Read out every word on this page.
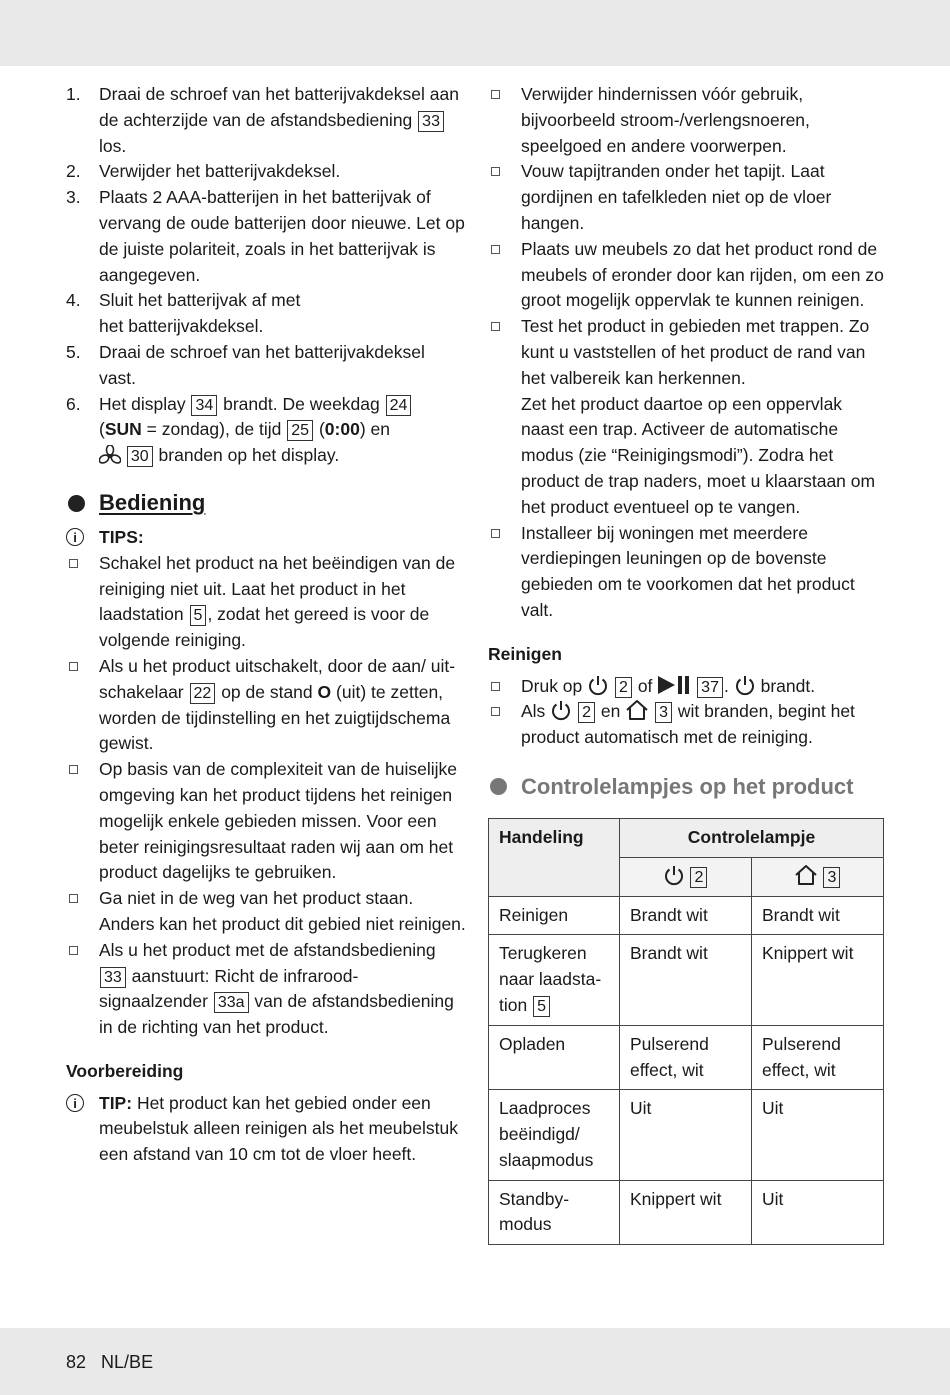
1. Draai de schroef van het batterijvakdeksel aan de achterzijde van de afstandsbediening 33 los.

2. Verwijder het batterijvakdeksel.

3. Plaats 2 AAA-batterijen in het batterijvak of vervang de oude batterijen door nieuwe. Let op de juiste polariteit, zoals in het batterijvak is aangegeven.

4. Sluit het batterijvak af met
het batterijvakdeksel.

5. Draai de schroef van het batterijvakdeksel vast.

6. Het display 34 brandt. De weekdag 24
(SUN = zondag), de tijd 25 (0:00) en
30 branden op het display.

Bediening
i	TIPS:

Schakel het product na het beëindigen van de reiniging niet uit. Laat het product in het laadstation 5 , zodat het gereed is voor de volgende reiniging.

Als u het product uitschakelt, door de aan/ uit-schakelaar 22 op de stand O (uit) te zetten, worden de tijdinstelling en het zuigtijdschema gewist.

Op basis van de complexiteit van de huiselijke omgeving kan het product tijdens het reinigen mogelijk enkele gebieden missen. Voor een beter reinigingsresultaat raden wij aan om het product dagelijks te gebruiken.

Ga niet in de weg van het product staan. Anders kan het product dit gebied niet reinigen.

Als u het product met de afstandsbediening 33 aanstuurt: Richt de infrarood-signaalzender 33a van de afstandsbediening in de richting van het product.

Voorbereiding

i	TIP: Het product kan het gebied onder een meubelstuk alleen reinigen als het meubelstuk een afstand van 10 cm tot de vloer heeft.

Verwijder hindernissen vóór gebruik, bijvoorbeeld stroom-/verlengsnoeren, speelgoed en andere voorwerpen.

Vouw tapijtranden onder het tapijt. Laat gordijnen en tafelkleden niet op de vloer hangen.

Plaats uw meubels zo dat het product rond de meubels of eronder door kan rijden, om een zo groot mogelijk oppervlak te kunnen reinigen.

Test het product in gebieden met trappen. Zo kunt u vaststellen of het product de rand van het valbereik kan herkennen.

Zet het product daartoe op een oppervlak naast een trap. Activeer de automatische modus (zie “Reinigingsmodi”). Zodra het product de trap naders, moet u klaarstaan om het product eventueel op te vangen.

Installeer bij woningen met meerdere verdiepingen leuningen op de bovenste gebieden om te voorkomen dat het product valt.

Reinigen

Druk op 2 of	37 . brandt.

Als 2 en 3 wit branden, begint het product automatisch met de reiniging.

Controlelampjes op het product
Handeling	Controlelampje	
	2	3
Reinigen	Brandt wit	Brandt wit
Terugkeren naar laadsta-tion 5	Brandt wit	Knippert wit
Opladen	Pulserend effect, wit	Pulserend effect, wit
Laadproces beëindigd/ slaapmodus	Uit	Uit
Standby-modus	Knippert wit	Uit
82 NL/BE
